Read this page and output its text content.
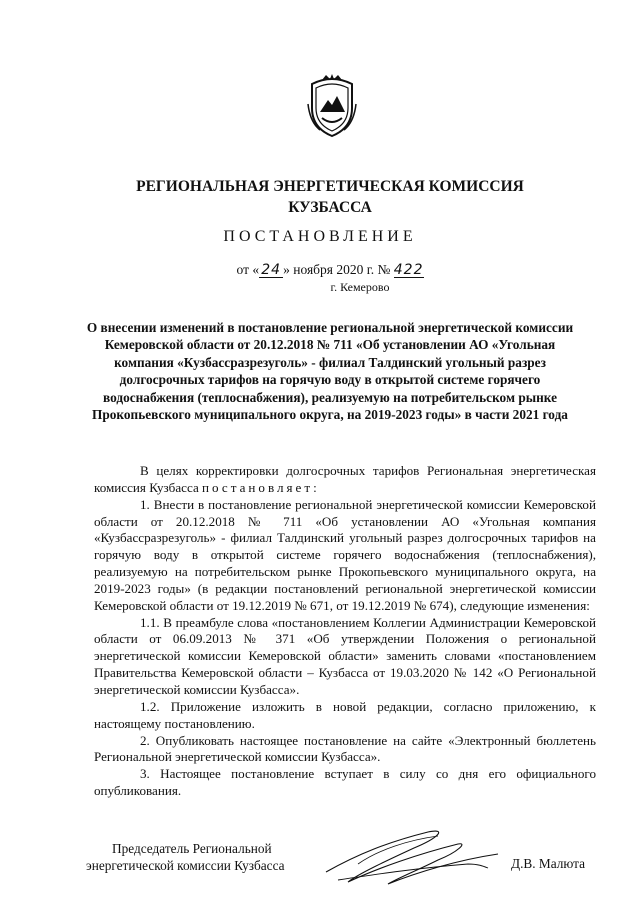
РЕГИОНАЛЬНАЯ ЭНЕРГЕТИЧЕСКАЯ КОМИССИЯ
КУЗБАССА
ПОСТАНОВЛЕНИЕ
от « 24 » ноября 2020 г. № 422
г. Кемерово
О внесении изменений в постановление региональной энергетической комиссии Кемеровской области от 20.12.2018 № 711 «Об установлении АО «Угольная компания «Кузбассразрезуголь» - филиал Талдинский угольный разрез долгосрочных тарифов на горячую воду в открытой системе горячего водоснабжения (теплоснабжения), реализуемую на потребительском рынке Прокопьевского муниципального округа, на 2019-2023 годы» в части 2021 года

В целях корректировки долгосрочных тарифов Региональная энергетическая комиссия Кузбасса постановляет:

1. Внести в постановление региональной энергетической комиссии Кемеровской области от 20.12.2018 № 711 «Об установлении АО «Угольная компания «Кузбассразрезуголь» - филиал Талдинский угольный разрез долгосрочных тарифов на горячую воду в открытой системе горячего водоснабжения (теплоснабжения), реализуемую на потребительском рынке Прокопьевского муниципального округа, на 2019-2023 годы» (в редакции постановлений региональной энергетической комиссии Кемеровской области от 19.12.2019 № 671, от 19.12.2019 № 674), следующие изменения:

1.1. В преамбуле слова «постановлением Коллегии Администрации Кемеровской области от 06.09.2013 № 371 «Об утверждении Положения о региональной энергетической комиссии Кемеровской области» заменить словами «постановлением Правительства Кемеровской области – Кузбасса от 19.03.2020 № 142 «О Региональной энергетической комиссии Кузбасса».

1.2. Приложение изложить в новой редакции, согласно приложению, к настоящему постановлению.

2. Опубликовать настоящее постановление на сайте «Электронный бюллетень Региональной энергетической комиссии Кузбасса».

3. Настоящее постановление вступает в силу со дня его официального опубликования.

Председатель Региональной
энергетической комиссии Кузбасса	Д.В. Малюта
